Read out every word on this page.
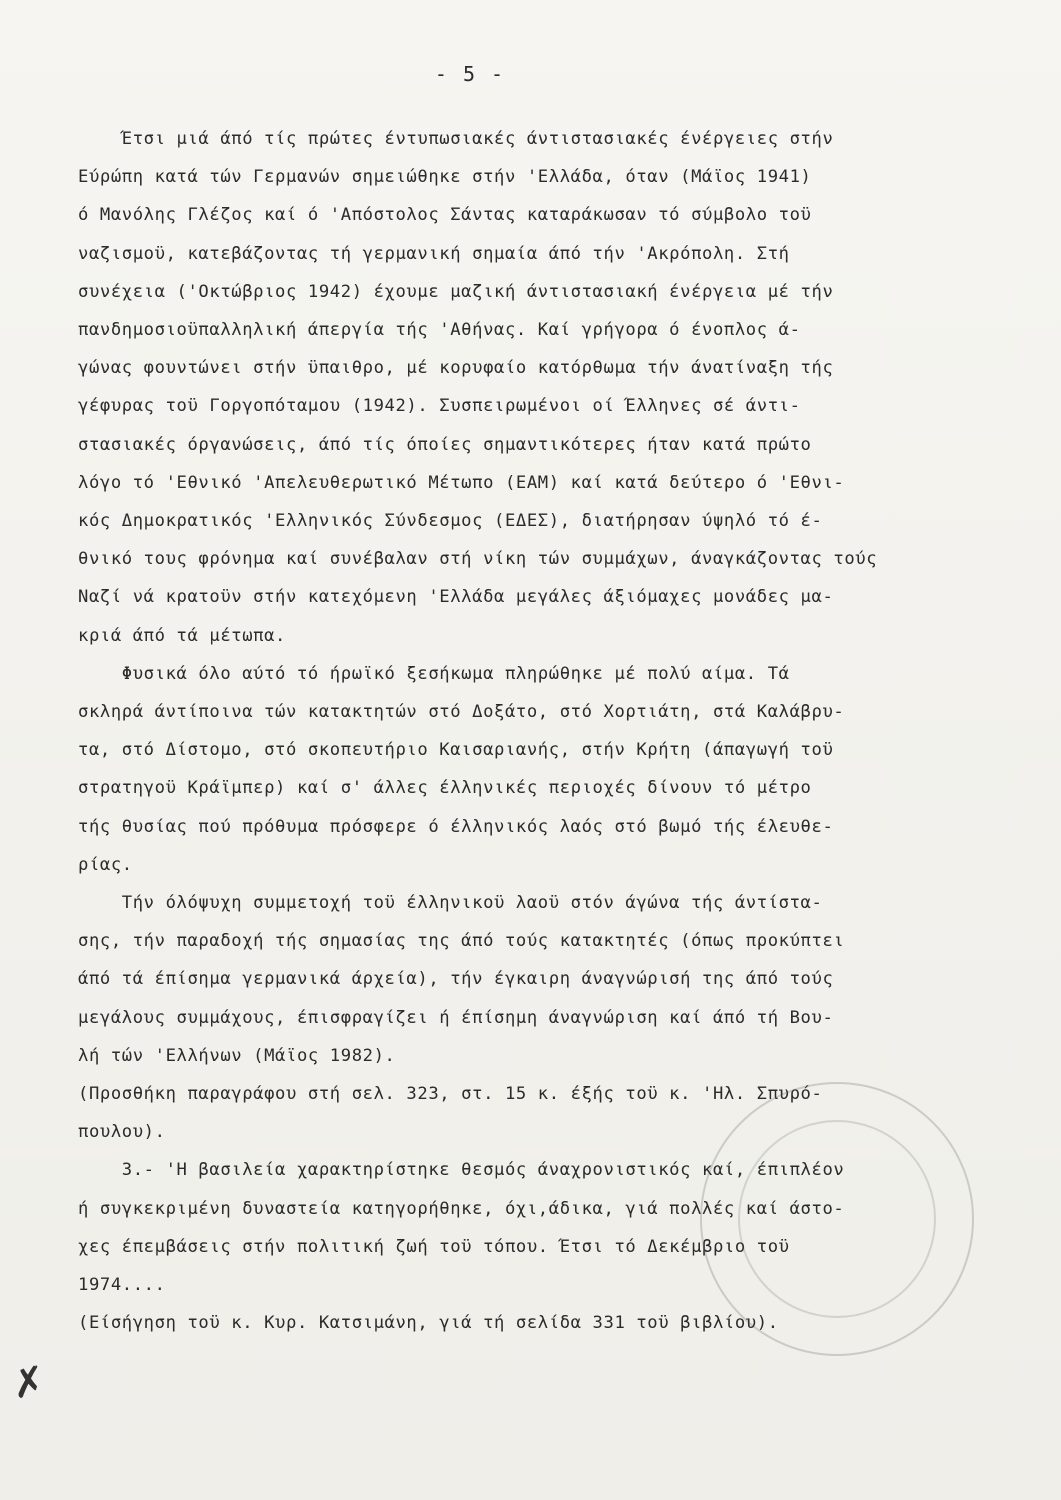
- 5 -
Έτσι μιά άπό τίς πρώτες έντυπωσιακές άντιστασιακές ένέργειες στήν
Εύρώπη κατά τών Γερμανών σημειώθηκε στήν 'Ελλάδα, όταν (Μάϊος 1941)
ό Μανόλης Γλέζος καί ό 'Απόστολος Σάντας καταράκωσαν τό σύμβολο τοϋ
ναζισμοϋ, κατεβάζοντας τή γερμανική σημαία άπό τήν 'Ακρόπολη. Στή
συνέχεια ('Οκτώβριος 1942) έχουμε μαζική άντιστασιακή ένέργεια μέ τήν
πανδημοσιοϋπαλληλική άπεργία τής 'Αθήνας. Καί γρήγορα ό ένοπλος ά-
γώνας φουντώνει στήν ϋπαιθρο, μέ κορυφαίο κατόρθωμα τήν άνατίναξη τής
γέφυρας τοϋ Γοργοπόταμου (1942). Συσπειρωμένοι οί Έλληνες σέ άντι-
στασιακές όργανώσεις, άπό τίς όποίες σημαντικότερες ήταν κατά πρώτο
λόγο τό 'Εθνικό 'Απελευθερωτικό Μέτωπο (ΕΑΜ) καί κατά δεύτερο ό 'Εθνι-
κός Δημοκρατικός 'Ελληνικός Σύνδεσμος (ΕΔΕΣ), διατήρησαν ύψηλό τό έ-
θνικό τους φρόνημα καί συνέβαλαν στή νίκη τών συμμάχων, άναγκάζοντας τούς
Ναζί νά κρατοϋν στήν κατεχόμενη 'Ελλάδα μεγάλες άξιόμαχες μονάδες μα-
κριά άπό τά μέτωπα.
Φυσικά όλο αύτό τό ήρωϊκό ξεσήκωμα πληρώθηκε μέ πολύ αίμα. Τά
σκληρά άντίποινα τών κατακτητών στό Δοξάτο, στό Χορτιάτη, στά Καλάβρυ-
τα, στό Δίστομο, στό σκοπευτήριο Καισαριανής, στήν Κρήτη (άπαγωγή τοϋ
στρατηγοϋ Κράϊμπερ) καί σ' άλλες έλληνικές περιοχές δίνουν τό μέτρο
τής θυσίας πού πρόθυμα πρόσφερε ό έλληνικός λαός στό βωμό τής έλευθε-
ρίας.
Τήν όλόψυχη συμμετοχή τοϋ έλληνικοϋ λαοϋ στόν άγώνα τής άντίστα-
σης, τήν παραδοχή τής σημασίας της άπό τούς κατακτητές (όπως προκύπτει
άπό τά έπίσημα γερμανικά άρχεία), τήν έγκαιρη άναγνώρισή της άπό τούς
μεγάλους συμμάχους, έπισφραγίζει ή έπίσημη άναγνώριση καί άπό τή Βου-
λή τών 'Ελλήνων (Μάϊος 1982).
(Προσθήκη παραγράφου στή σελ. 323, στ. 15 κ. έξής τοϋ κ. 'Ηλ. Σπυρό-
πουλου).
3.- 'Η βασιλεία χαρακτηρίστηκε θεσμός άναχρονιστικός καί, έπιπλέον
ή συγκεκριμένη δυναστεία κατηγορήθηκε, όχι,άδικα, γιά πολλές καί άστο-
χες έπεμβάσεις στήν πολιτική ζωή τοϋ τόπου. Έτσι τό Δεκέμβριο τοϋ
1974....
(Είσήγηση τοϋ κ. Κυρ. Κατσιμάνη, γιά τή σελίδα 331 τοϋ βιβλίου).
✗
